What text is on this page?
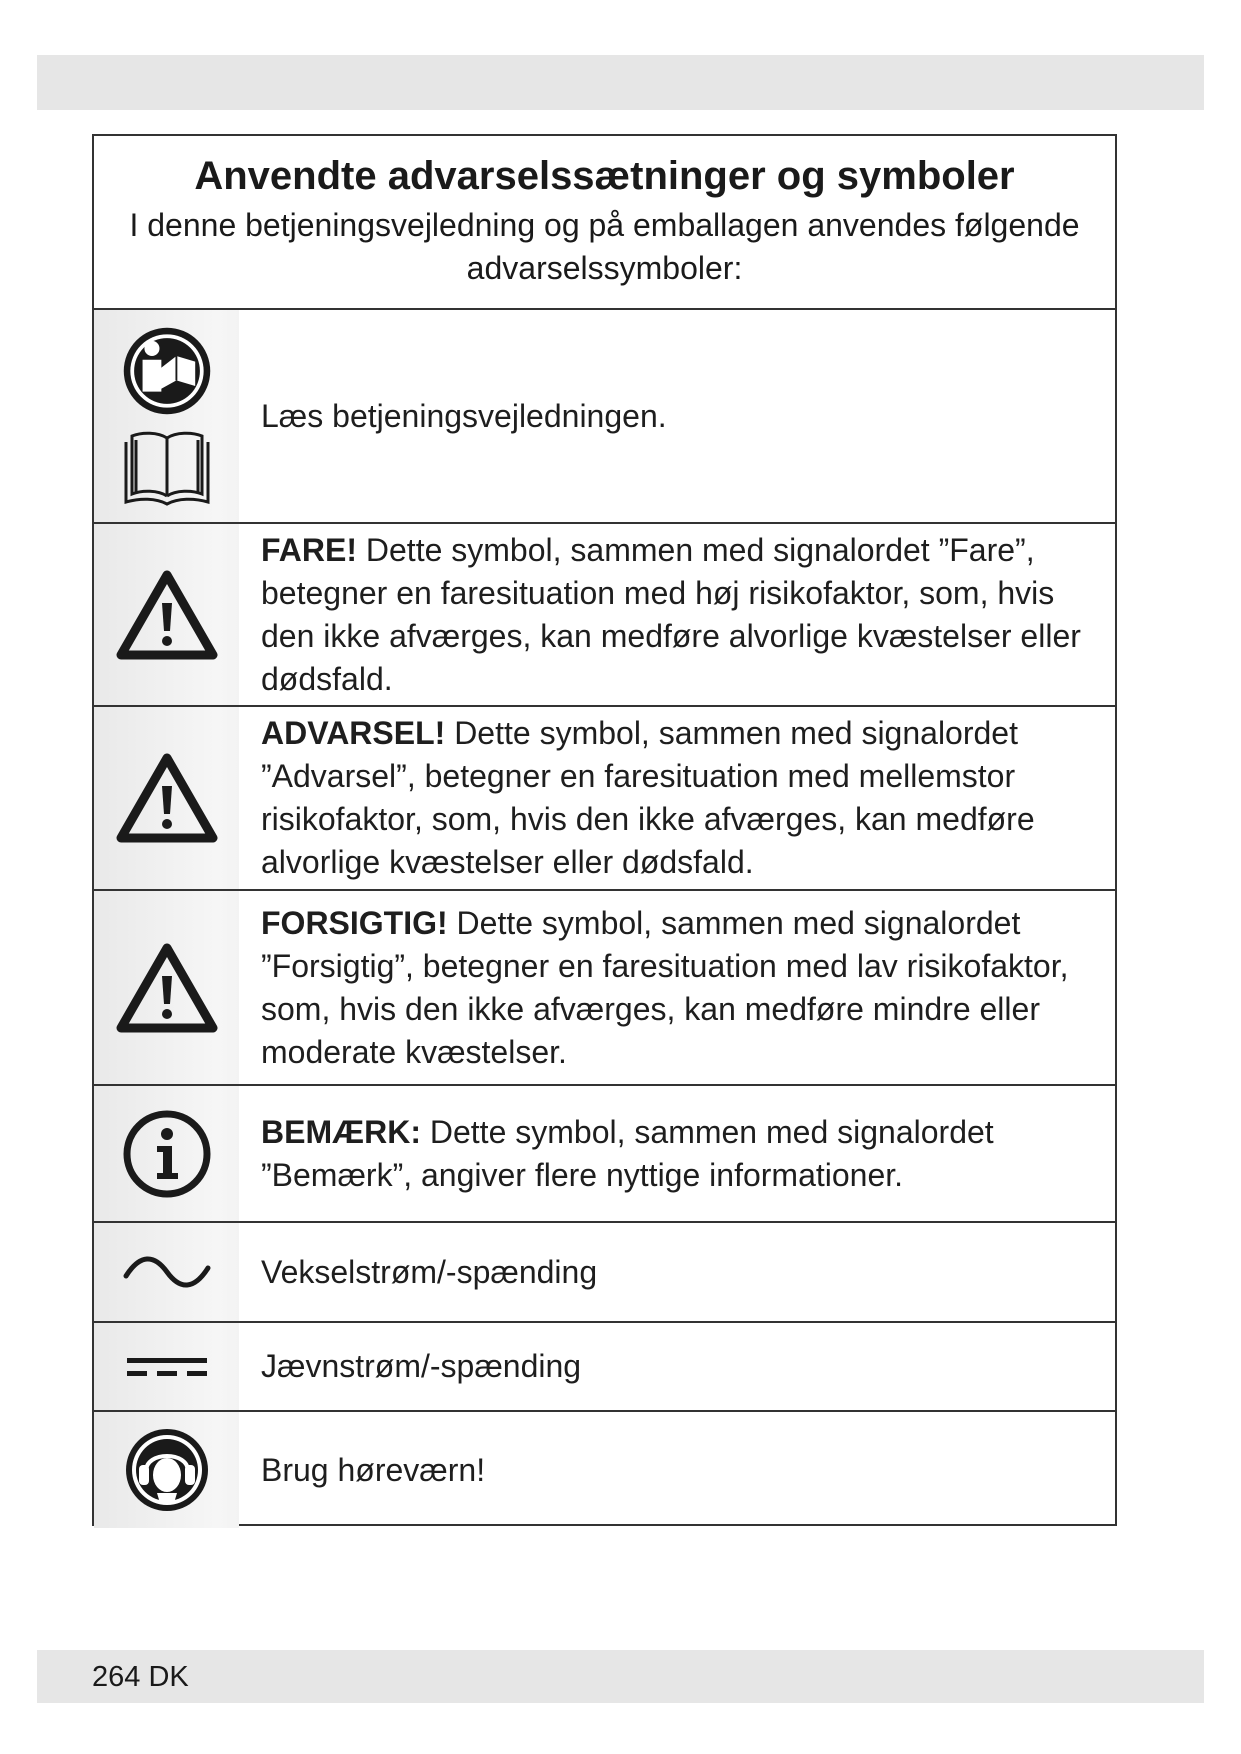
Anvendte advarselssætninger og symboler
I denne betjeningsvejledning og på emballagen anvendes følgende advarselssymboler:
Læs betjeningsvejledningen.
FARE! Dette symbol, sammen med signalordet ”Fare”, betegner en faresituation med høj risikofaktor, som, hvis den ikke afværges, kan medføre alvorlige kvæstelser eller dødsfald.
ADVARSEL! Dette symbol, sammen med signalordet ”Advarsel”, betegner en faresituation med mellemstor risikofaktor, som, hvis den ikke afværges, kan medføre alvorlige kvæstelser eller dødsfald.
FORSIGTIG! Dette symbol, sammen med signalordet ”Forsigtig”, betegner en faresituation med lav risikofaktor, som, hvis den ikke afværges, kan medføre mindre eller moderate kvæstelser.
BEMÆRK: Dette symbol, sammen med signalordet ”Bemærk”, angiver flere nyttige informationer.
Vekselstrøm/-spænding
Jævnstrøm/-spænding
Brug høreværn!
264 DK
